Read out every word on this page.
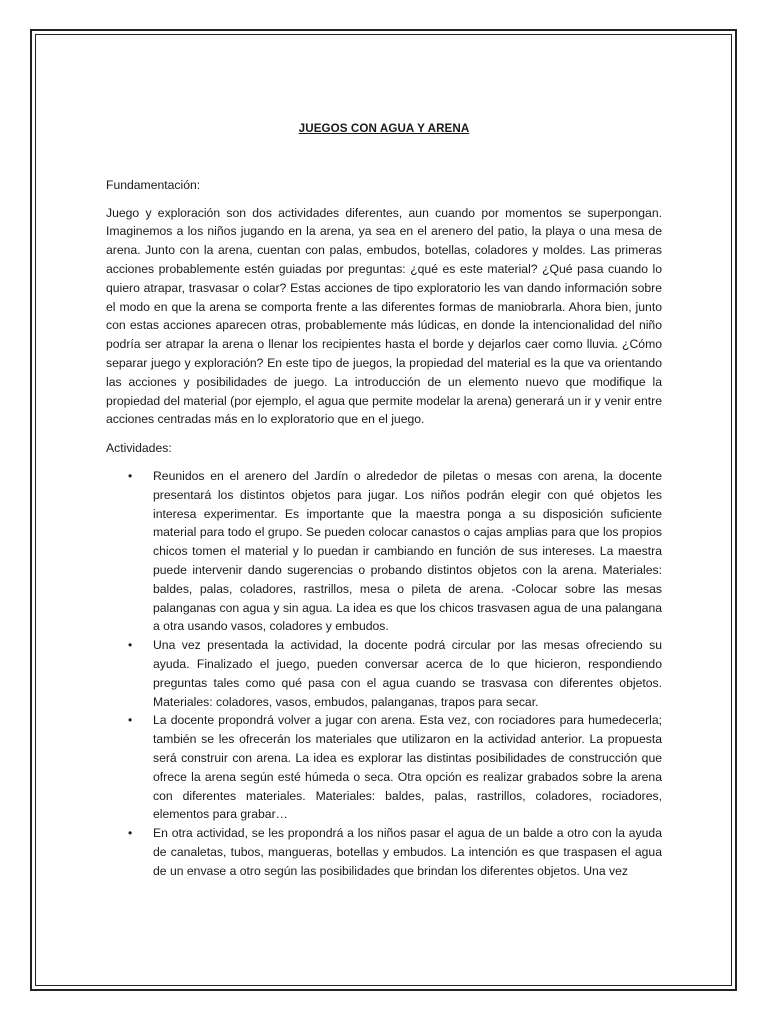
JUEGOS CON AGUA Y ARENA

Fundamentación:

Juego y exploración son dos actividades diferentes, aun cuando por momentos se superpongan. Imaginemos a los niños jugando en la arena, ya sea en el arenero del patio, la playa o una mesa de arena. Junto con la arena, cuentan con palas, embudos, botellas, coladores y moldes. Las primeras acciones probablemente estén guiadas por preguntas: ¿qué es este material? ¿Qué pasa cuando lo quiero atrapar, trasvasar o colar? Estas acciones de tipo exploratorio les van dando información sobre el modo en que la arena se comporta frente a las diferentes formas de maniobrarla. Ahora bien, junto con estas acciones aparecen otras, probablemente más lúdicas, en donde la intencionalidad del niño podría ser atrapar la arena o llenar los recipientes hasta el borde y dejarlos caer como lluvia. ¿Cómo separar juego y exploración? En este tipo de juegos, la propiedad del material es la que va orientando las acciones y posibilidades de juego. La introducción de un elemento nuevo que modifique la propiedad del material (por ejemplo, el agua que permite modelar la arena) generará un ir y venir entre acciones centradas más en lo exploratorio que en el juego.

Actividades:

• Reunidos en el arenero del Jardín o alrededor de piletas o mesas con arena, la docente presentará los distintos objetos para jugar. Los niños podrán elegir con qué objetos les interesa experimentar. Es importante que la maestra ponga a su disposición suficiente material para todo el grupo. Se pueden colocar canastos o cajas amplias para que los propios chicos tomen el material y lo puedan ir cambiando en función de sus intereses. La maestra puede intervenir dando sugerencias o probando distintos objetos con la arena. Materiales: baldes, palas, coladores, rastrillos, mesa o pileta de arena. -Colocar sobre las mesas palanganas con agua y sin agua. La idea es que los chicos trasvasen agua de una palangana a otra usando vasos, coladores y embudos.
• Una vez presentada la actividad, la docente podrá circular por las mesas ofreciendo su ayuda. Finalizado el juego, pueden conversar acerca de lo que hicieron, respondiendo preguntas tales como qué pasa con el agua cuando se trasvasa con diferentes objetos. Materiales: coladores, vasos, embudos, palanganas, trapos para secar.
• La docente propondrá volver a jugar con arena. Esta vez, con rociadores para humedecerla; también se les ofrecerán los materiales que utilizaron en la actividad anterior. La propuesta será construir con arena. La idea es explorar las distintas posibilidades de construcción que ofrece la arena según esté húmeda o seca. Otra opción es realizar grabados sobre la arena con diferentes materiales. Materiales: baldes, palas, rastrillos, coladores, rociadores, elementos para grabar…
• En otra actividad, se les propondrá a los niños pasar el agua de un balde a otro con la ayuda de canaletas, tubos, mangueras, botellas y embudos. La intención es que traspasen el agua de un envase a otro según las posibilidades que brindan los diferentes objetos. Una vez
